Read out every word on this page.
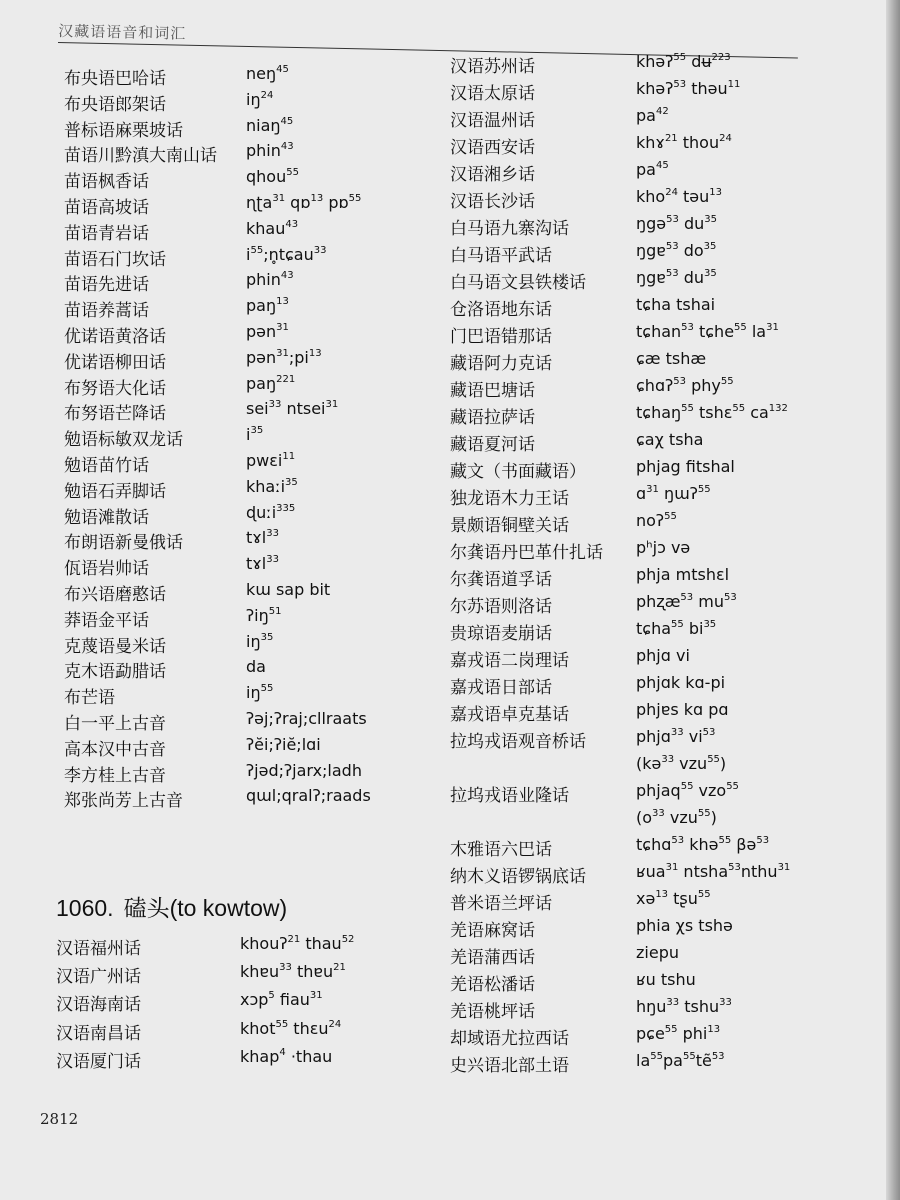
汉藏语语音和词汇
布央语巴哈话	neŋ$^{45}$
布央语郎架话	$iŋ^{24}$
普标语麻栗坡话	niaŋ$^{45}$
苗语川黔滇大南山话 phin$^{43}$
苗语枫香话	qhou$^{55}$
苗语高坡话	ɳʈa$^{31}$ qɒ$^{13}$ pɒ$^{55}$
苗语青岩话	khau$^{43}$
苗语石门坎话	$i^{55};n̥tɕau^{33}$
苗语先进话	phin$^{43}$
苗语养蒿话	paŋ$^{13}$
优诺语黄洛话	pən$^{31}$
优诺语柳田话	$pən^{31};pi^{13}$
布努语大化话	paŋ$^{221}$
布努语芒降话	sei$^{33}$ ntsei$^{31}$
勉语标敏双龙话	$i^{35}$
勉语苗竹话	pwɛi$^{11}$
勉语石弄脚话	khaːi$^{35}$
勉语滩散话	ɖuːi$^{335}$
布朗语新曼俄话	tɤl$^{33}$
佤语岩帅话	tɤl$^{33}$
布兴语磨憨话	kɯ sap bit
莽语金平话	ʔiŋ$^{51}$
克蔑语曼米话	$iŋ^{35}$
克木语勐腊话	da
布芒语	$iŋ^{55}$
白一平上古音	ʔəj;ʔraj;cllraats
高本汉中古音	ʔĕi;ʔiĕ;lɑi
李方桂上古音	ʔjəd;ʔjarx;ladh
郑张尚芳上古音	qɯl;qralʔ;raads
1060. 磕头(to kowtow)
汉语福州话	khouʔ$^{21}$ thau$^{52}$
汉语广州话	khɐu$^{33}$ thɐu$^{21}$
汉语海南话	xɔp$^5$ fiau$^{31}$
汉语南昌话	khot$^{55}$ thɛu$^{24}$
汉语厦门话	khap$^4$ ·thau
汉语苏州话	khəʔ$^{55}$ dʉ$^{223}$
汉语太原话	khəʔ$^{53}$ thəu$^{11}$
汉语温州话	$pa^{42}$
汉语西安话	khɤ$^{21}$ thou$^{24}$
汉语湘乡话	$pa^{45}$
汉语长沙话	kho$^{24}$ təu$^{13}$
白马语九寨沟话	ŋgə$^{53}$ $du^{35}$
白马语平武话	ŋgɐ$^{53}$ $do^{35}$
白马语文县铁楼话	ŋgɐ$^{53}$ $du^{35}$
仓洛语地东话	tɕha tshai
门巴语错那话	tɕhan$^{53}$ tɕhe$^{55}$ $la^{31}$
藏语阿力克话	ɕæ tshæ
藏语巴塘话	ɕhɑʔ$^{53}$ phy$^{55}$
藏语拉萨话	tɕhaŋ$^{55}$ tshɛ$^{55}$ $ca^{132}$
藏语夏河话	ɕaχ tsha
藏文（书面藏语）	phjag fitshal
独龙语木力王话	ɑ$^{31}$ ŋɯʔ$^{55}$
景颇语铜壁关话	noʔ$^{55}$
尔龚语丹巴革什扎话 pʰjɔ və
尔龚语道孚话	phja mtshɛl
尔苏语则洛话	phʐæ$^{53}$ $mu^{53}$
贵琼语麦崩话	tɕha$^{55}$ $bi^{35}$
嘉戎语二岗理话	phjɑ vi
嘉戎语日部话	phjɑk kɑ-pi
嘉戎语卓克基话	phjɐs kɑ pɑ
拉坞戎语观音桥话	phjɑ$^{33}$ $vi^{53}$
(kə$^{33}$ vzu$^{55}$)
拉坞戎语业隆话	phjaq$^{55}$ vzo$^{55}$
($o^{33}$ vzu$^{55}$)
木雅语六巴话	tɕhɑ$^{53}$ khə$^{55}$ βə$^{53}$
纳木义语锣锅底话	ʁua$^{31}$ ntsha$^{53}$nthu$^{31}$
普米语兰坪话	xə$^{13}$ tʂu$^{55}$
羌语麻窝话	phia χs tshə
羌语蒲西话	ziepu
羌语松潘话	ʁu tshu
羌语桃坪话	hŋu$^{33}$ tshu$^{33}$
却域语尤拉西话	pɕe$^{55}$ phi$^{13}$
史兴语北部土语	$la^{55}pa^{55}tẽ^{53}$
2812
